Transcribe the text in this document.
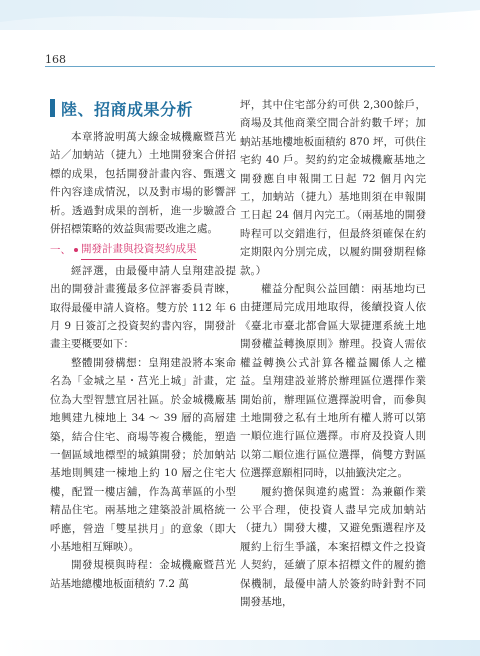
168
陸、招商成果分析

本章將說明萬大線金城機廠暨莒光站／加蚋站（捷九）土地開發案合併招標的成果，包括開發計畫內容、甄選文件內容達成情況，以及對市場的影響評析。透過對成果的剖析，進一步驗證合併招標策略的效益與需要改進之處。

一、 開發計畫與投資契約成果

經評選，由最優申請人皇翔建設提出的開發計畫獲最多位評審委員青睞，取得最優申請人資格。雙方於 112 年 6 月 9 日簽訂之投資契約書內容，開發計畫主要概要如下：

整體開發構想：皇翔建設將本案命名為「金城之星・莒光上城」計畫，定位為大型智慧宜居社區。於金城機廠基地興建九棟地上 34 ～ 39 層的高層建築，結合住宅、商場等複合機能，塑造一個區域地標型的城鎮開發；於加蚋站基地則興建一棟地上約 10 層之住宅大樓，配置一樓店舖，作為萬華區的小型精品住宅。兩基地之建築設計風格統一呼應，營造「雙星拱月」的意象（即大小基地相互輝映）。

開發規模與時程：金城機廠暨莒光站基地總樓地板面積約 7.2 萬

坪，其中住宅部分約可供 2,300餘戶，商場及其他商業空間合計約數千坪；加蚋站基地樓地板面積約 870 坪，可供住宅約 40 戶。契約約定金城機廠基地之開發應自申報開工日起 72 個月內完工，加蚋站（捷九）基地則須在申報開工日起 24 個月內完工。（兩基地的開發時程可以交錯進行，但最終須確保在約定期限內分別完成，以履約開發期程條款。）

權益分配與公益回饋：兩基地均已由捷運局完成用地取得，後續投資人依《臺北市臺北都會區大眾捷運系統土地開發權益轉換原則》辦理。投資人需依權益轉換公式計算各權益關係人之權益。皇翔建設並將於辦理區位選擇作業開始前，辦理區位選擇說明會，而參與土地開發之私有土地所有權人將可以第一順位進行區位選擇。市府及投資人則以第二順位進行區位選擇，倘雙方對區位選擇意願相同時，以抽籤決定之。

履約擔保與違約處置：為兼顧作業公平合理，使投資人盡早完成加蚋站（捷九）開發大樓，又避免甄選程序及履約上衍生爭議，本案招標文件之投資人契約，延續了原本招標文件的履約擔保機制，最優申請人於簽約時針對不同開發基地，
